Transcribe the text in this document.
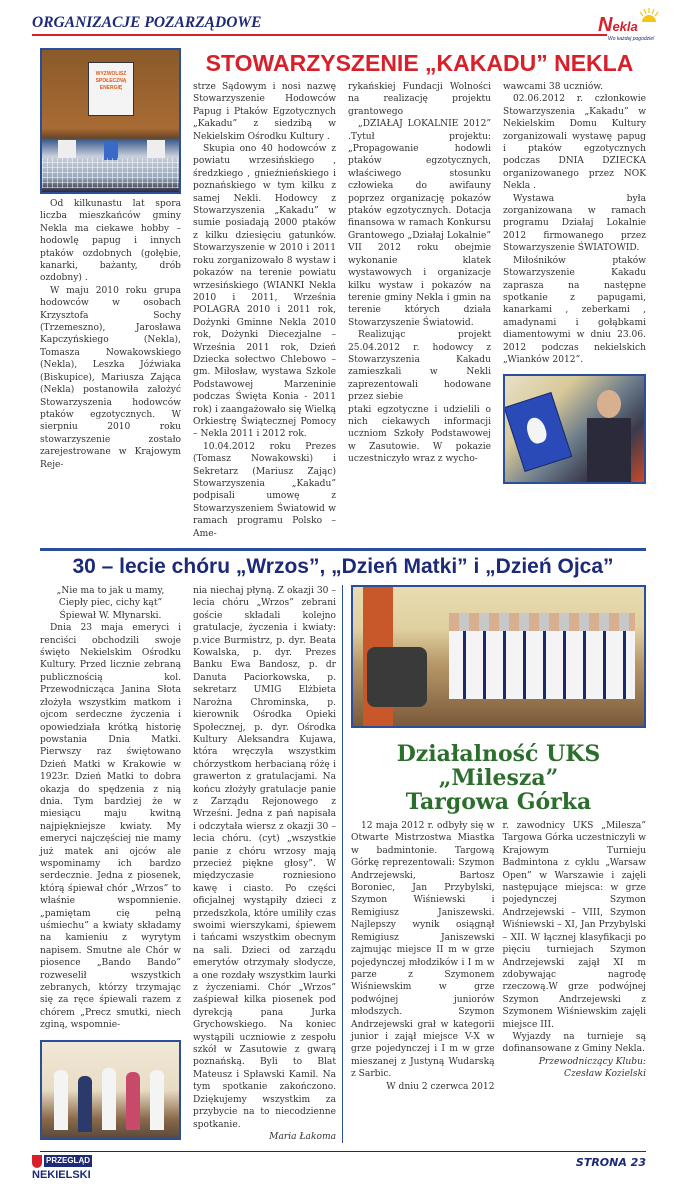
ORGANIZACJE POZARZĄDOWE	Nekla
Wo każdej pogodzie!
WYZWOLISZ SPOŁECZNĄ ENERGIĘ

Od kilkunastu lat spora liczba mieszkańców gminy Nekla ma ciekawe hobby – hodowlę papug i innych ptaków ozdobnych (gołębie, kanarki, bażanty, drób ozdobny) .

W maju 2010 roku grupa hodowców w osobach Krzysztofa Sochy (Trzemeszno), Jarosława Kapczyńskiego (Nekla), Tomasza Nowakowskiego (Nekla), Leszka Jóźwiaka (Biskupice), Mariusza Zająca (Nekla) postanowiła założyć Stowarzyszenia hodowców ptaków egzotycznych. W sierpniu 2010 roku stowarzyszenie zostało zarejestrowane w Krajowym Reje-

STOWARZYSZENIE „KAKADU” NEKLA

strze Sądowym i nosi nazwę Stowarzyszenie Hodowców Papug i Ptaków Egzotycznych „Kakadu” z siedzibą w Nekielskim Ośrodku Kultury .

Skupia ono 40 hodowców z powiatu wrzesińskiego , średzkiego , gnieźnieńskiego i poznańskiego w tym kilku z samej Nekli. Hodowcy z Stowarzyszenia „Kakadu” w sumie posiadają 2000 ptaków z kilku dziesięciu gatunków. Stowarzyszenie w 2010 i 2011 roku zorganizowało 8 wystaw i pokazów na terenie powiatu wrzesińskiego (WIANKI Nekla 2010 i 2011, Września POLAGRA 2010 i 2011 rok, Dożynki Gminne Nekla 2010 rok, Dożynki Diecezjalne – Września 2011 rok, Dzień Dziecka sołectwo Chlebowo – gm. Miłosław, wystawa Szkole Podstawowej Marzeninie podczas Święta Konia - 2011 rok) i zaangażowało się Wielką Orkiestrę Świątecznej Pomocy – Nekla 2011 i 2012 rok.

10.04.2012 roku Prezes (Tomasz Nowakowski) i Sekretarz (Mariusz Zając) Stowarzyszenia „Kakadu” podpisali umowę z Stowarzyszeniem Światowid w ramach programu Polsko –Ame-

rykańskiej Fundacji Wolności na realizację projektu grantowego

„DZIAŁAJ LOKALNIE 2012” .Tytuł projektu: „Propagowanie hodowli ptaków egzotycznych, właściwego stosunku człowieka do awifauny poprzez organizację pokazów ptaków egzotycznych. Dotacja finansowa w ramach Konkursu Grantowego „Działaj Lokalnie” VII 2012 roku obejmie wykonanie klatek wystawowych i organizacje kilku wystaw i pokazów na terenie gminy Nekla i gmin na terenie których działa Stowarzyszenie Światowid.

Realizując projekt 25.04.2012 r. hodowcy z Stowarzyszenia Kakadu zamieszkali w Nekli zaprezentowali hodowane przez siebie

ptaki egzotyczne i udzielili o nich ciekawych informacji uczniom Szkoły Podstawowej w Zasutowie. W pokazie uczestniczyło wraz z wycho-

wawcami 38 uczniów.

02.06.2012 r. członkowie Stowarzyszenia „Kakadu” w Nekielskim Domu Kultury zorganizowali wystawę papug i ptaków egzotycznych podczas DNIA DZIECKA organizowanego przez NOK Nekla .

Wystawa była zorganizowana w ramach programu Działaj Lokalnie 2012 firmowanego przez Stowarzyszenie ŚWIATOWID.

Miłośników ptaków Stowarzyszenie Kakadu zaprasza na następne spotkanie z papugami, kanarkami , zeberkami , amadynami i gołąbkami diamentowymi w dniu 23.06. 2012 podczas nekielskich „Wianków 2012”.

30 – lecie chóru „Wrzos”, „Dzień Matki” i „Dzień Ojca”
„Nie ma to jak u mamy,
Ciepły piec, cichy kąt”
Śpiewał W. Młynarski.

Dnia 23 maja emeryci i renciści obchodzili swoje święto Nekielskim Ośrodku Kultury. Przed licznie zebraną publicznością kol. Przewodnicząca Janina Słota złożyła wszystkim matkom i ojcom serdeczne życzenia i opowiedziała krótką historię powstania Dnia Matki. Pierwszy raz świętowano Dzień Matki w Krakowie w 1923r. Dzień Matki to dobra okazja do spędzenia z nią dnia. Tym bardziej że w miesiącu maju kwitną najpiękniejsze kwiaty. My emeryci najczęściej nie mamy już matek ani ojców ale wspominamy ich bardzo serdecznie. Jedna z piosenek, którą śpiewał chór „Wrzos” to właśnie wspomnienie. „pamiętam cię pełną uśmiechu” a kwiaty składamy na kamieniu z wyrytym napisem. Smutne ale Chór w piosence „Bando Bando” rozweselił wszystkich zebranych, którzy trzymając się za ręce śpiewali razem z chórem „Precz smutki, niech zginą, wspomnie-

nia niechaj płyną. Z okazji 30 – lecia chóru „Wrzos” zebrani goście składali kolejno gratulacje, życzenia i kwiaty: p.vice Burmistrz, p. dyr. Beata Kowalska, p. dyr. Prezes Banku Ewa Bandosz, p. dr Danuta Paciorkowska, p. sekretarz UMIG Elżbieta Narożna Chrominska, p. kierownik Ośrodka Opieki Społecznej, p. dyr. Ośrodka Kultury Aleksandra Kujawa, która wręczyła wszystkim chórzystkom herbacianą różę i grawerton z gratulacjami. Na końcu złożyły gratulacje panie z Zarządu Rejonowego z Wrześni. Jedna z pań napisała i odczytała wiersz z okazji 30 – lecia chóru. (cyt) „wszystkie panie z chóru wrzosy mają przecież piękne głosy”. W międzyczasie rozniesiono kawę i ciasto. Po części oficjalnej wystąpiły dzieci z przedszkola, które umiliły czas swoimi wierszykami, śpiewem i tańcami wszystkim obecnym na sali. Dzieci od zarządu emerytów otrzymały słodycze, a one rozdały wszystkim laurki z życzeniami. Chór „Wrzos” zaśpiewał kilka piosenek pod dyrekcją pana Jurka Grychowskiego. Na koniec wystąpili uczniowie z zespołu szkół w Zasutowie z gwarą poznańską. Byli to Blat Mateusz i Spławski Kamil. Na tym spotkanie zakończono. Dziękujemy wszystkim za przybycie na to niecodzienne spotkanie.

Maria Łakoma
Działalność UKS „Milesza”
Targowa Górka

12 maja 2012 r. odbyły się w Otwarte Mistrzostwa Miastka w badmintonie. Targową Górkę reprezentowali: Szymon Andrzejewski, Bartosz Boroniec, Jan Przybylski, Szymon Wiśniewski i Remigiusz Janiszewski. Najlepszy wynik osiągnął Remigiusz Janiszewski zajmując miejsce II m w grze pojedynczej młodzików i I m w parze z Szymonem Wiśniewskim w grze podwójnej juniorów młodszych. Szymon Andrzejewski grał w kategorii junior i zajął miejsce V-X w grze pojedynczej i I m w grze mieszanej z Justyną Wudarską z Sarbic.

W dniu 2 czerwca 2012

r. zawodnicy UKS „Milesza” Targowa Górka uczestniczyli w Krajowym Turnieju Badmintona z cyklu „Warsaw Open” w Warszawie i zajęli następujące miejsca: w grze pojedynczej Szymon Andrzejewski – VIII, Szymon Wiśniewski – XI, Jan Przybylski – XII. W łącznej klasyfikacji po pięciu turniejach Szymon Andrzejewski zajął XI m zdobywając nagrodę rzeczową.W grze podwójnej Szymon Andrzejewski z Szymonem Wiśniewskim zajęli miejsce III.

Wyjazdy na turnieje są dofinansowane z Gminy Nekla.

Przewodniczący Klubu:
Czesław Kozielski
PRZEGLĄD
NEKIELSKI
STRONA 23
